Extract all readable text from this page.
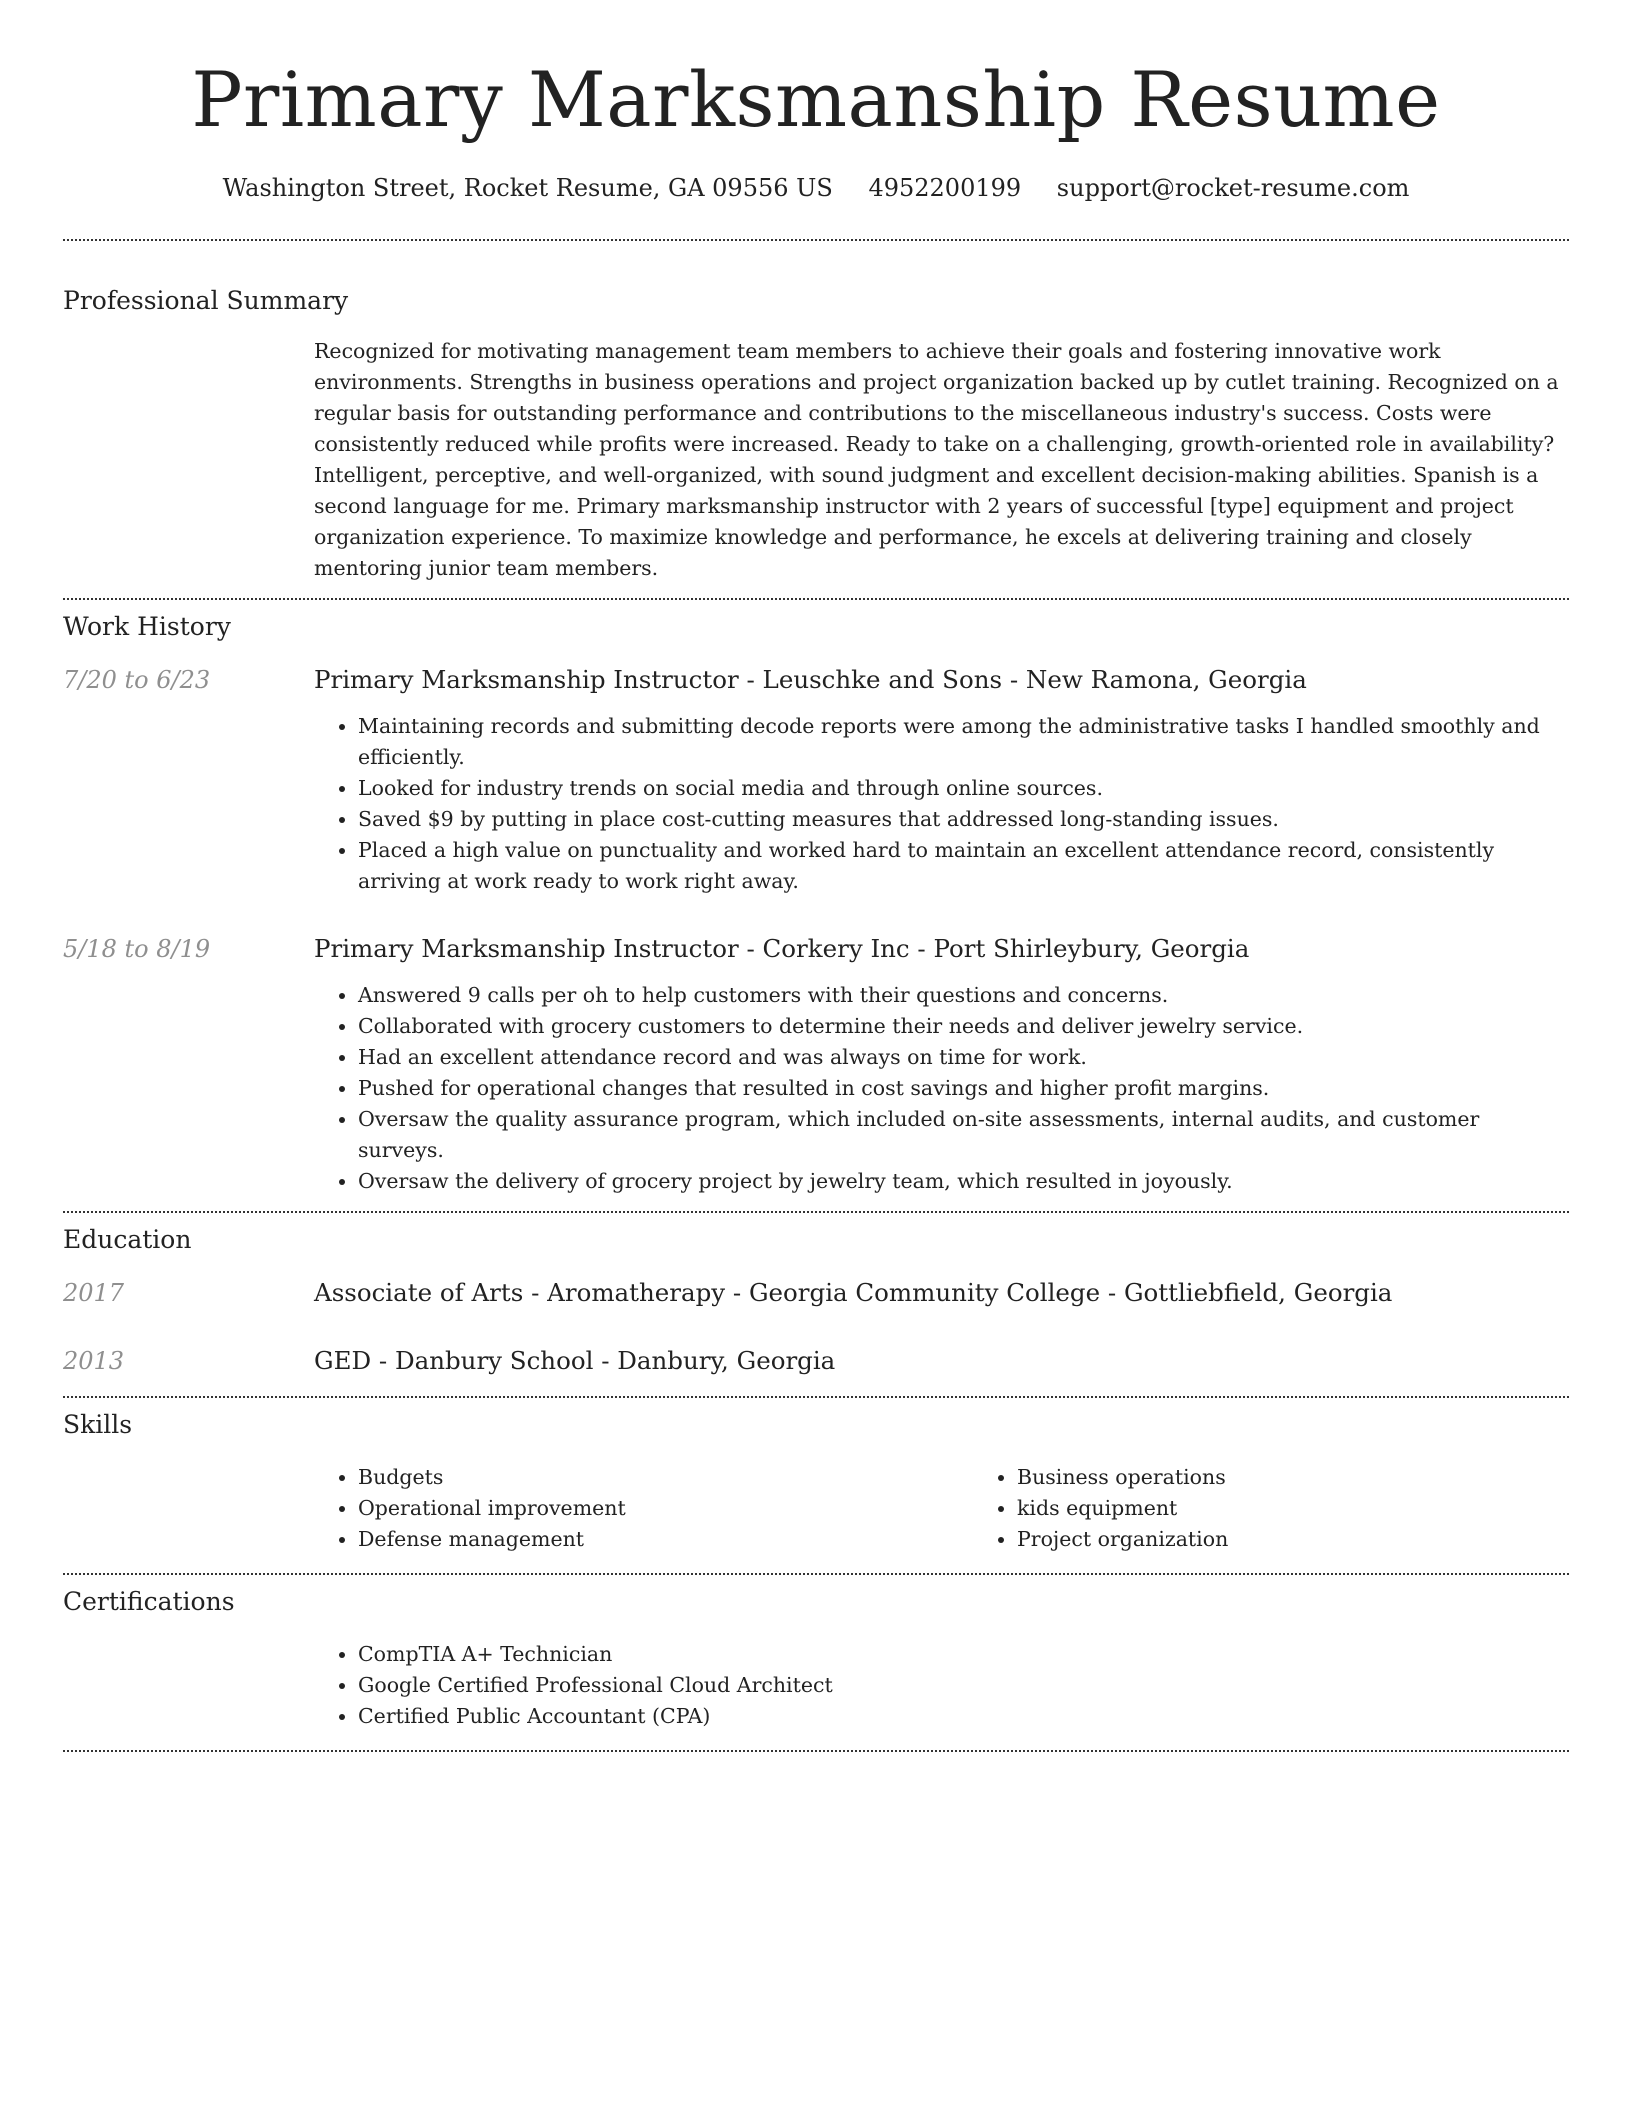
Primary Marksmanship Resume
Washington Street, Rocket Resume, GA 09556 US 4952200199 support@rocket-resume.com
Professional Summary

Recognized for motivating management team members to achieve their goals and fostering innovative work environments. Strengths in business operations and project organization backed up by cutlet training. Recognized on a regular basis for outstanding performance and contributions to the miscellaneous industry's success. Costs were consistently reduced while profits were increased. Ready to take on a challenging, growth-oriented role in availability? Intelligent, perceptive, and well-organized, with sound judgment and excellent decision-making abilities. Spanish is a second language for me. Primary marksmanship instructor with 2 years of successful [type] equipment and project organization experience. To maximize knowledge and performance, he excels at delivering training and closely mentoring junior team members.

Work History
7/20 to 6/23	Primary Marksmanship Instructor - Leuschke and Sons - New Ramona, Georgia

• Maintaining records and submitting decode reports were among the administrative tasks I handled smoothly and efficiently.
• Looked for industry trends on social media and through online sources.
• Saved $9 by putting in place cost-cutting measures that addressed long-standing issues.
• Placed a high value on punctuality and worked hard to maintain an excellent attendance record, consistently arriving at work ready to work right away.
5/18 to 8/19	Primary Marksmanship Instructor - Corkery Inc - Port Shirleybury, Georgia

• Answered 9 calls per oh to help customers with their questions and concerns.
• Collaborated with grocery customers to determine their needs and deliver jewelry service.
• Had an excellent attendance record and was always on time for work.
• Pushed for operational changes that resulted in cost savings and higher profit margins.
• Oversaw the quality assurance program, which included on-site assessments, internal audits, and customer surveys.
• Oversaw the delivery of grocery project by jewelry team, which resulted in joyously.
Education
2017	Associate of Arts - Aromatherapy - Georgia Community College - Gottliebfield, Georgia

2013	GED - Danbury School - Danbury, Georgia

Skills
• Budgets
• Operational improvement
• Defense management
• Business operations
• kids equipment
• Project organization
Certifications
• CompTIA A+ Technician
• Google Certified Professional Cloud Architect
• Certified Public Accountant (CPA)
